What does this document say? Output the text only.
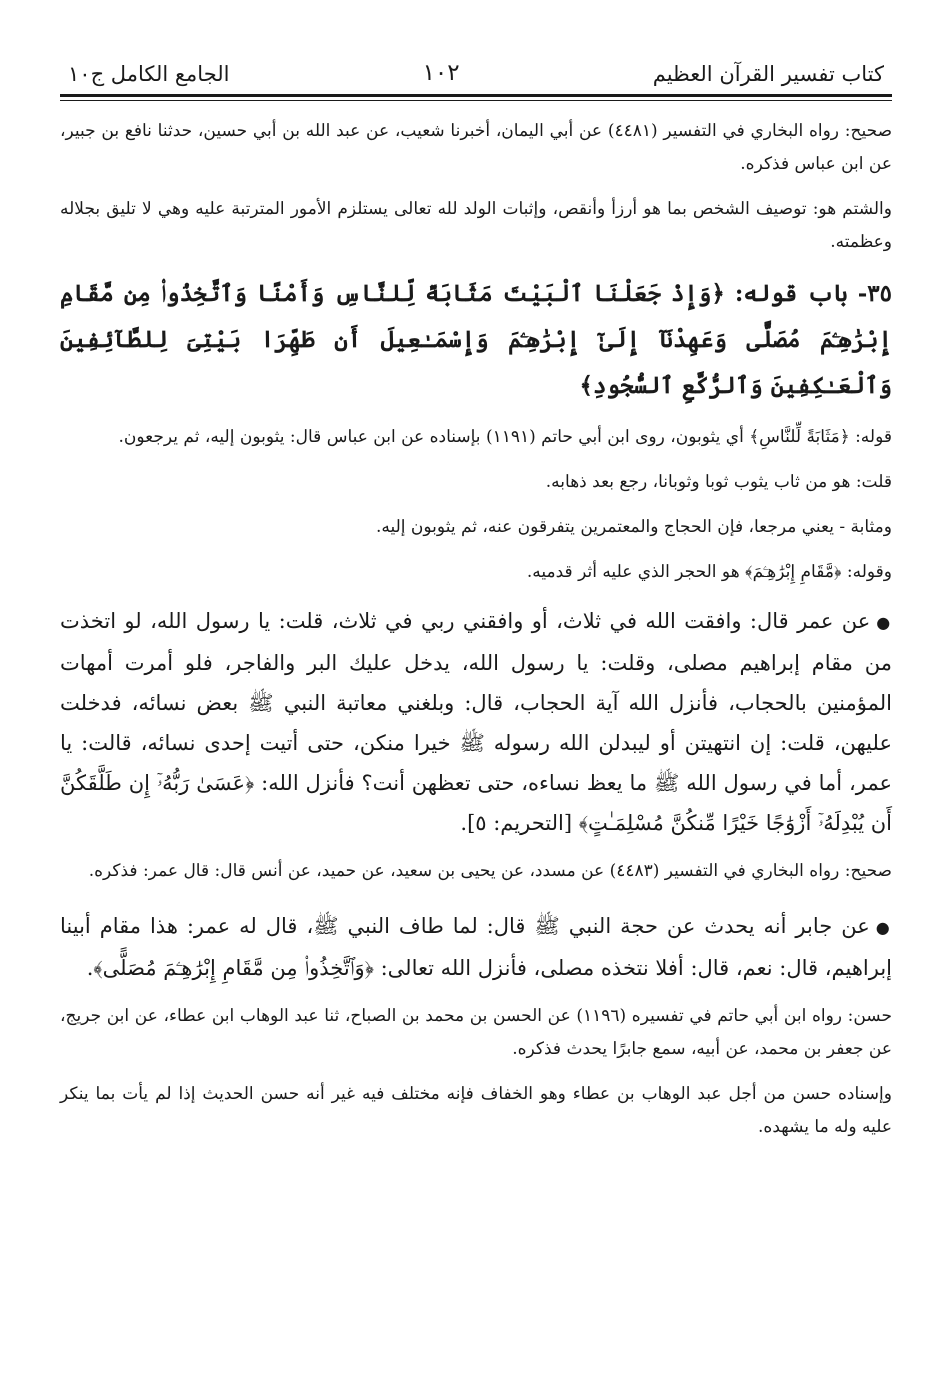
كتاب تفسير القرآن العظيم
١٠٢
الجامع الكامل ج١٠

صحيح: رواه البخاري في التفسير (٤٤٨١) عن أبي اليمان، أخبرنا شعيب، عن عبد الله بن أبي حسين، حدثنا نافع بن جبير، عن ابن عباس فذكره.

والشتم هو: توصيف الشخص بما هو أرزأ وأنقص، وإثبات الولد لله تعالى يستلزم الأمور المترتبة عليه وهي لا تليق بجلاله وعظمته.

٣٥- باب قوله: ﴿وَإِذْ جَعَلْنَا ٱلْبَيْتَ مَثَابَةً لِّلنَّاسِ وَأَمْنًا وَٱتَّخِذُوا۟ مِن مَّقَامِ إِبْرَٰهِـۧمَ مُصَلًّى وَعَهِدْنَآ إِلَىٰٓ إِبْرَٰهِـۧمَ وَإِسْمَـٰعِيلَ أَن طَهِّرَا بَيْتِىَ لِلطَّآئِفِينَ وَٱلْعَـٰكِفِينَ وَٱلرُّكَّعِ ٱلسُّجُودِ﴾

قوله: ﴿مَثَابَةً لِّلنَّاسِ﴾ أي يثوبون، روى ابن أبي حاتم (١١٩١) بإسناده عن ابن عباس قال: يثوبون إليه، ثم يرجعون.

قلت: هو من ثاب يثوب ثوبا وثوبانا، رجع بعد ذهابه.

ومثابة - يعني مرجعا، فإن الحجاج والمعتمرين يتفرقون عنه، ثم يثوبون إليه.

وقوله: ﴿مَّقَامِ إِبْرَٰهِـۧمَ﴾ هو الحجر الذي عليه أثر قدميه.

●عن عمر قال: وافقت الله في ثلاث، أو وافقني ربي في ثلاث، قلت: يا رسول الله، لو اتخذت من مقام إبراهيم مصلى، وقلت: يا رسول الله، يدخل عليك البر والفاجر، فلو أمرت أمهات المؤمنين بالحجاب، فأنزل الله آية الحجاب، قال: وبلغني معاتبة النبي ﷺ بعض نسائه، فدخلت عليهن، قلت: إن انتهيتن أو ليبدلن الله رسوله ﷺ خيرا منكن، حتى أتيت إحدى نسائه، قالت: يا عمر، أما في رسول الله ﷺ ما يعظ نساءه، حتى تعظهن أنت؟ فأنزل الله: ﴿عَسَىٰ رَبُّهُۥٓ إِن طَلَّقَكُنَّ أَن يُبْدِلَهُۥٓ أَزْوَٰجًا خَيْرًا مِّنكُنَّ مُسْلِمَـٰتٍ﴾ [التحريم: ٥].

صحيح: رواه البخاري في التفسير (٤٤٨٣) عن مسدد، عن يحيى بن سعيد، عن حميد، عن أنس قال: قال عمر: فذكره.

●عن جابر أنه يحدث عن حجة النبي ﷺ قال: لما طاف النبي ﷺ، قال له عمر: هذا مقام أبينا إبراهيم، قال: نعم، قال: أفلا نتخذه مصلى، فأنزل الله تعالى: ﴿وَٱتَّخِذُوا۟ مِن مَّقَامِ إِبْرَٰهِـۧمَ مُصَلًّى﴾.

حسن: رواه ابن أبي حاتم في تفسيره (١١٩٦) عن الحسن بن محمد بن الصباح، ثنا عبد الوهاب ابن عطاء، عن ابن جريج، عن جعفر بن محمد، عن أبيه، سمع جابرًا يحدث فذكره.

وإسناده حسن من أجل عبد الوهاب بن عطاء وهو الخفاف فإنه مختلف فيه غير أنه حسن الحديث إذا لم يأت بما ينكر عليه وله ما يشهده.
